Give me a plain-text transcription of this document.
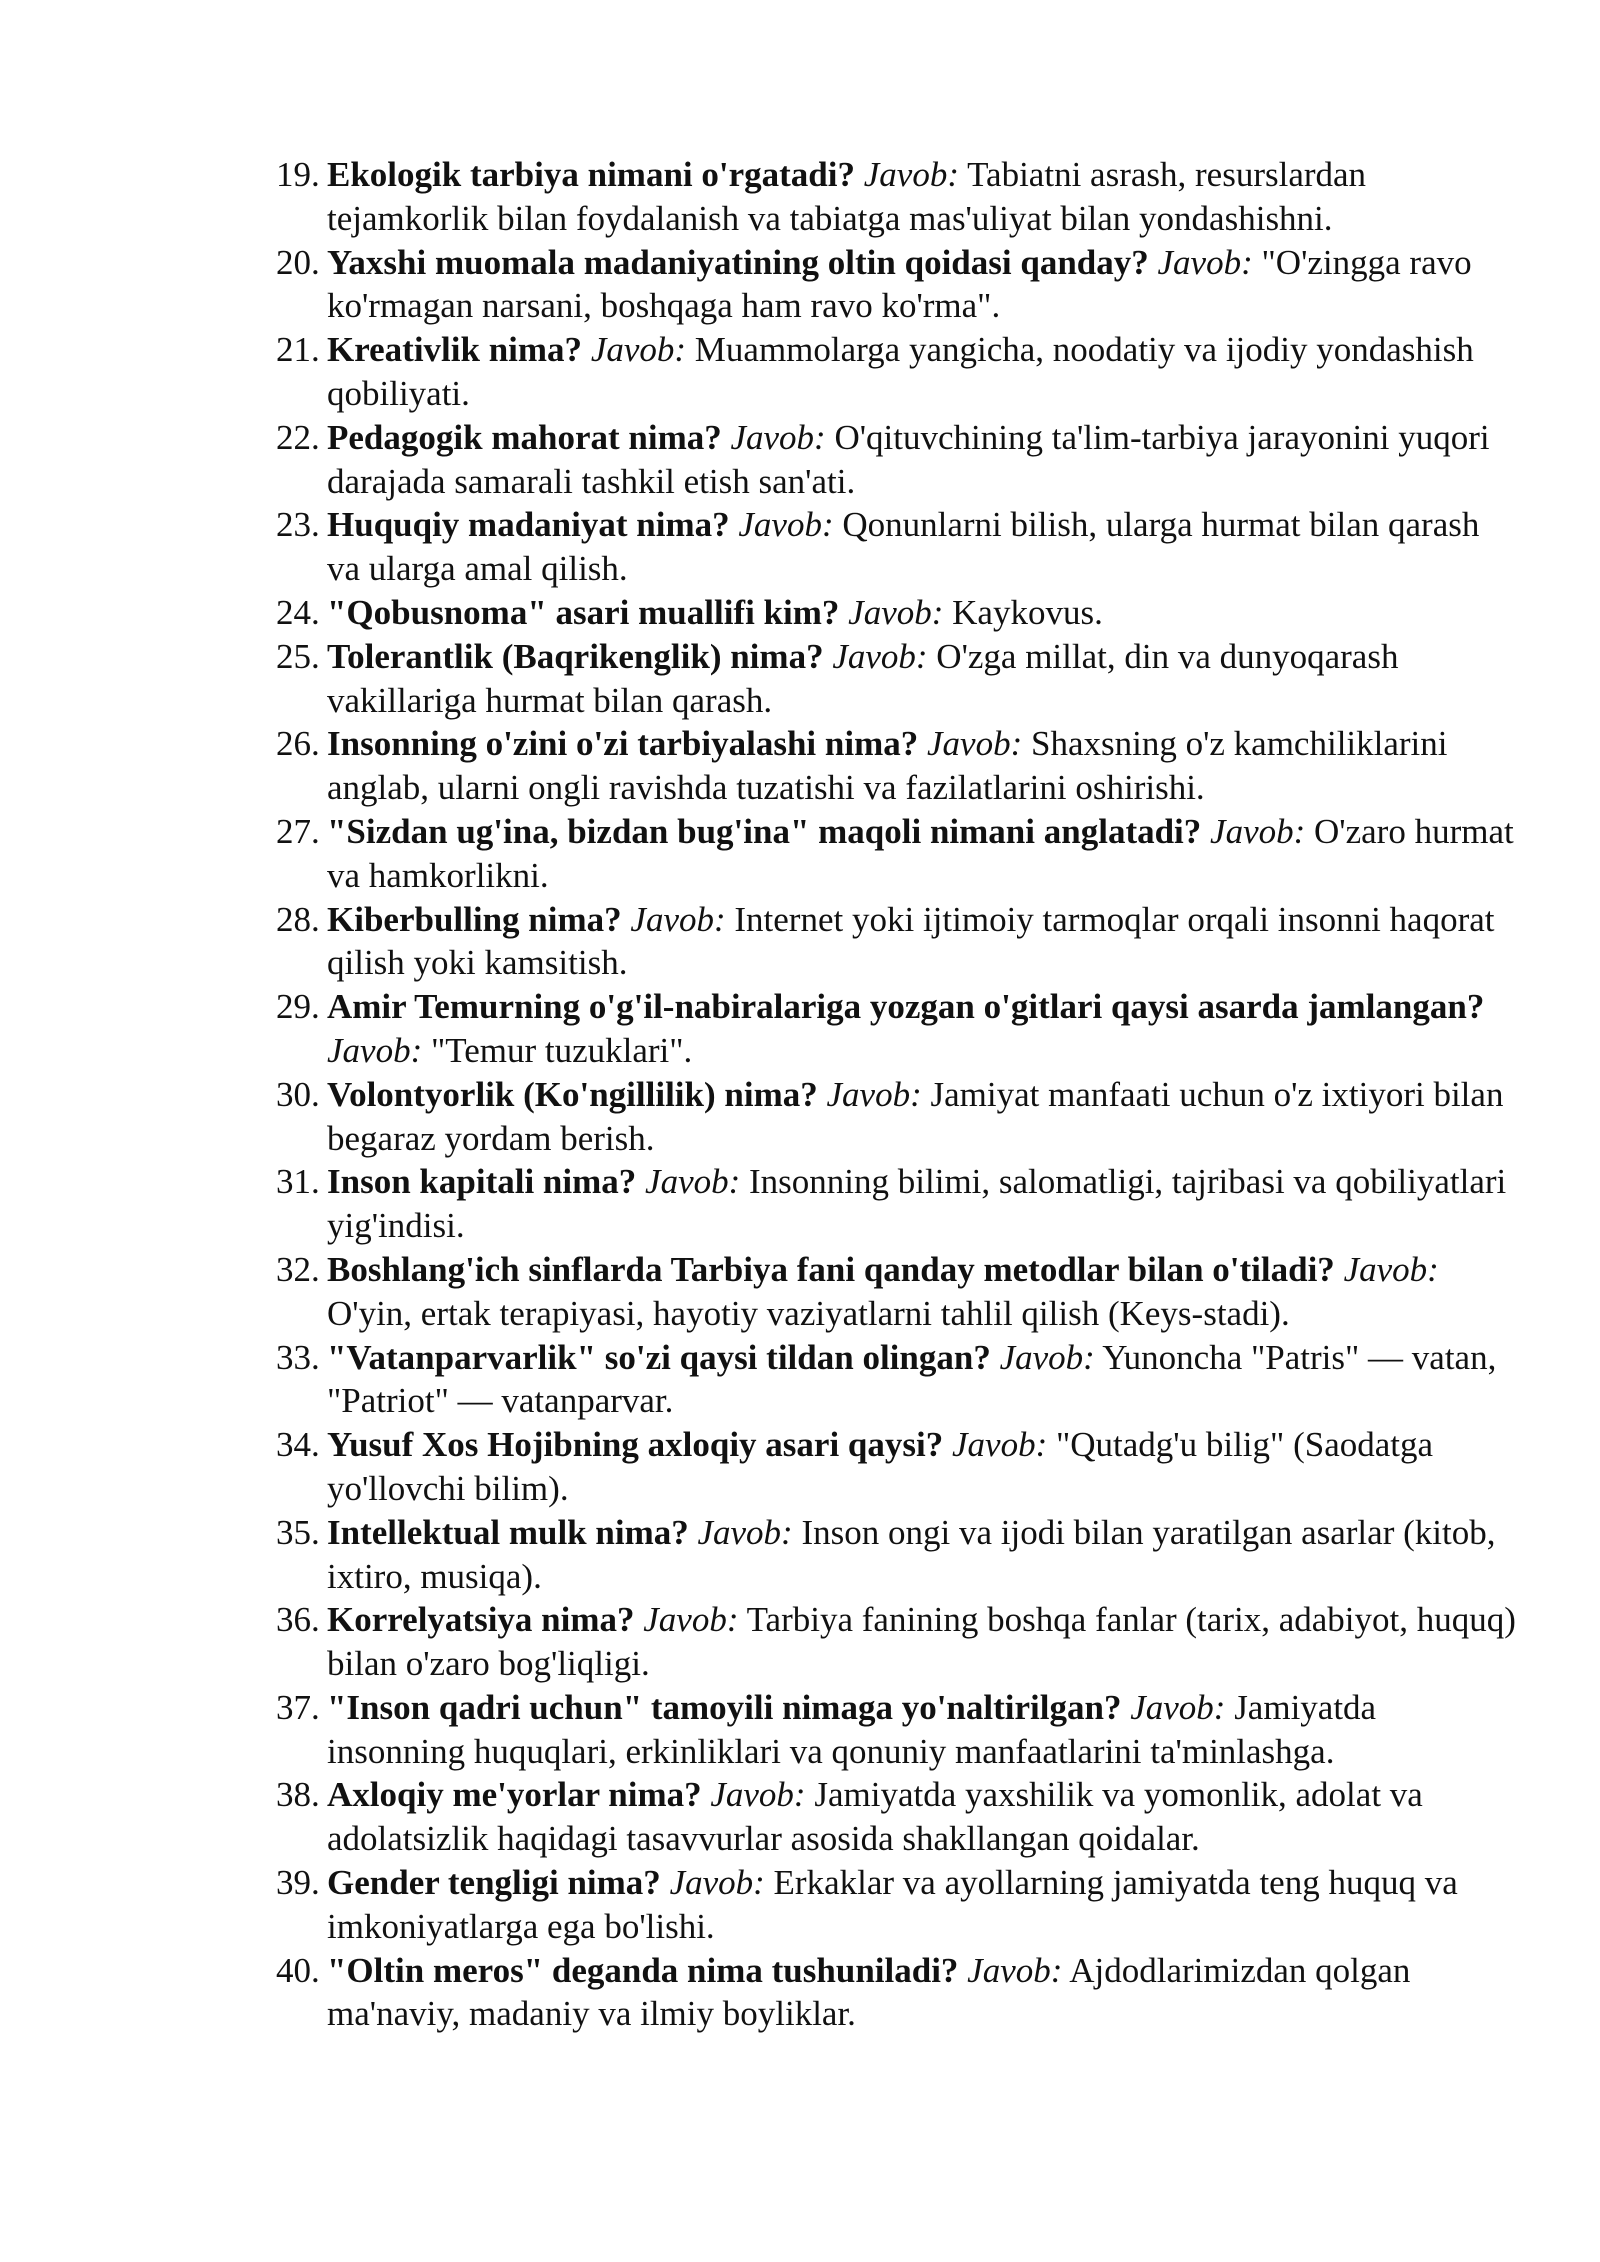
19. Ekologik tarbiya nimani o'rgatadi? Javob: Tabiatni asrash, resurslardan tejamkorlik bilan foydalanish va tabiatga mas'uliyat bilan yondashishni.
20. Yaxshi muomala madaniyatining oltin qoidasi qanday? Javob: "O'zingga ravo ko'rmagan narsani, boshqaga ham ravo ko'rma".
21. Kreativlik nima? Javob: Muammolarga yangicha, noodatiy va ijodiy yondashish qobiliyati.
22. Pedagogik mahorat nima? Javob: O'qituvchining ta'lim-tarbiya jarayonini yuqori darajada samarali tashkil etish san'ati.
23. Huquqiy madaniyat nima? Javob: Qonunlarni bilish, ularga hurmat bilan qarash va ularga amal qilish.
24. "Qobusnoma" asari muallifi kim? Javob: Kaykovus.
25. Tolerantlik (Baqrikenglik) nima? Javob: O'zga millat, din va dunyoqarash vakillariga hurmat bilan qarash.
26. Insonning o'zini o'zi tarbiyalashi nima? Javob: Shaxsning o'z kamchiliklarini anglab, ularni ongli ravishda tuzatishi va fazilatlarini oshirishi.
27. "Sizdan ug'ina, bizdan bug'ina" maqoli nimani anglatadi? Javob: O'zaro hurmat va hamkorlikni.
28. Kiberbulling nima? Javob: Internet yoki ijtimoiy tarmoqlar orqali insonni haqorat qilish yoki kamsitish.
29. Amir Temurning o'g'il-nabiralariga yozgan o'gitlari qaysi asarda jamlangan? Javob: "Temur tuzuklari".
30. Volontyorlik (Ko'ngillilik) nima? Javob: Jamiyat manfaati uchun o'z ixtiyori bilan begaraz yordam berish.
31. Inson kapitali nima? Javob: Insonning bilimi, salomatligi, tajribasi va qobiliyatlari yig'indisi.
32. Boshlang'ich sinflarda Tarbiya fani qanday metodlar bilan o'tiladi? Javob: O'yin, ertak terapiyasi, hayotiy vaziyatlarni tahlil qilish (Keys-stadi).
33. "Vatanparvarlik" so'zi qaysi tildan olingan? Javob: Yunoncha "Patris" — vatan, "Patriot" — vatanparvar.
34. Yusuf Xos Hojibning axloqiy asari qaysi? Javob: "Qutadg'u bilig" (Saodatga yo'llovchi bilim).
35. Intellektual mulk nima? Javob: Inson ongi va ijodi bilan yaratilgan asarlar (kitob, ixtiro, musiqa).
36. Korrelyatsiya nima? Javob: Tarbiya fanining boshqa fanlar (tarix, adabiyot, huquq) bilan o'zaro bog'liqligi.
37. "Inson qadri uchun" tamoyili nimaga yo'naltirilgan? Javob: Jamiyatda insonning huquqlari, erkinliklari va qonuniy manfaatlarini ta'minlashga.
38. Axloqiy me'yorlar nima? Javob: Jamiyatda yaxshilik va yomonlik, adolat va adolatsizlik haqidagi tasavvurlar asosida shakllangan qoidalar.
39. Gender tengligi nima? Javob: Erkaklar va ayollarning jamiyatda teng huquq va imkoniyatlarga ega bo'lishi.
40. "Oltin meros" deganda nima tushuniladi? Javob: Ajdodlarimizdan qolgan ma'naviy, madaniy va ilmiy boyliklar.
